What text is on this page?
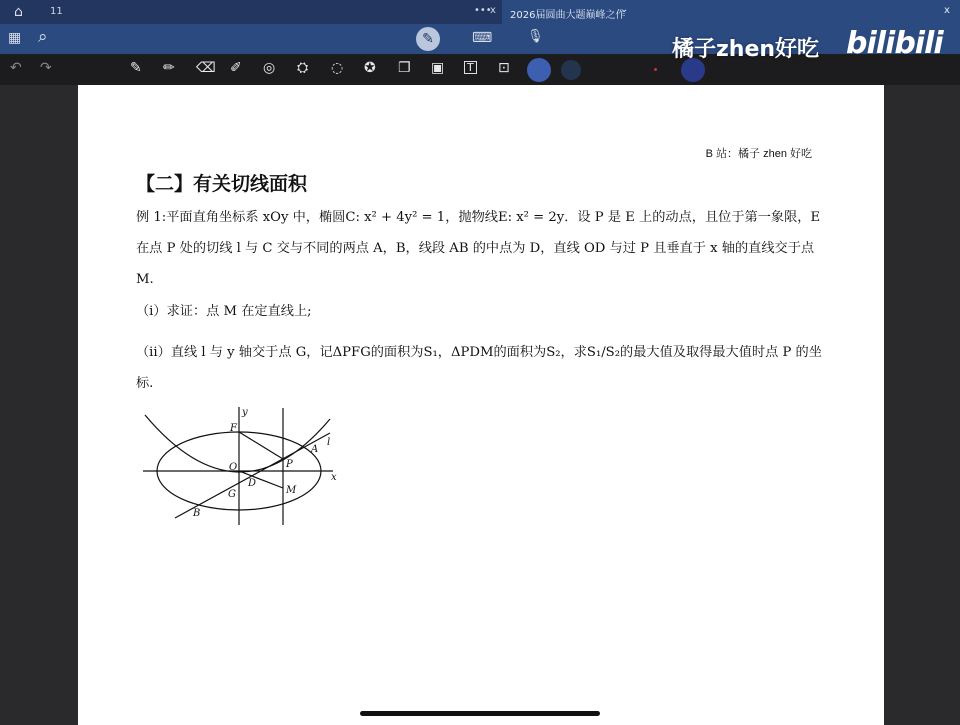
⌂	11	•••
x 2026届圆曲大题巅峰之作
⌄	x
▦ ⌕	✎	⌨	🎙
↶ ↷	✎ ✏ ⌫ ✐ ◎ ⛭ ◌ ✪ ❐ ▣ T ⊡
橘子zhen好吃 bilibili
B 站：橘子 zhen 好吃
【二】有关切线面积
例 1:平面直角坐标系 xOy 中，椭圆C: x² + 4y² = 1，抛物线E: x² = 2y．设 P 是 E 上的动点，且位于第一象限，E 在点 P 处的切线 l 与 C 交与不同的两点 A，B，线段 AB 的中点为 D，直线 OD 与过 P 且垂直于 x 轴的直线交于点 M.
（i）求证：点 M 在定直线上;
（ii）直线 l 与 y 轴交于点 G，记ΔPFG的面积为S₁，ΔPDM的面积为S₂，求S₁/S₂的最大值及取得最大值时点 P 的坐标.
y
x
F
O	P
A
l
D
G	M
B
